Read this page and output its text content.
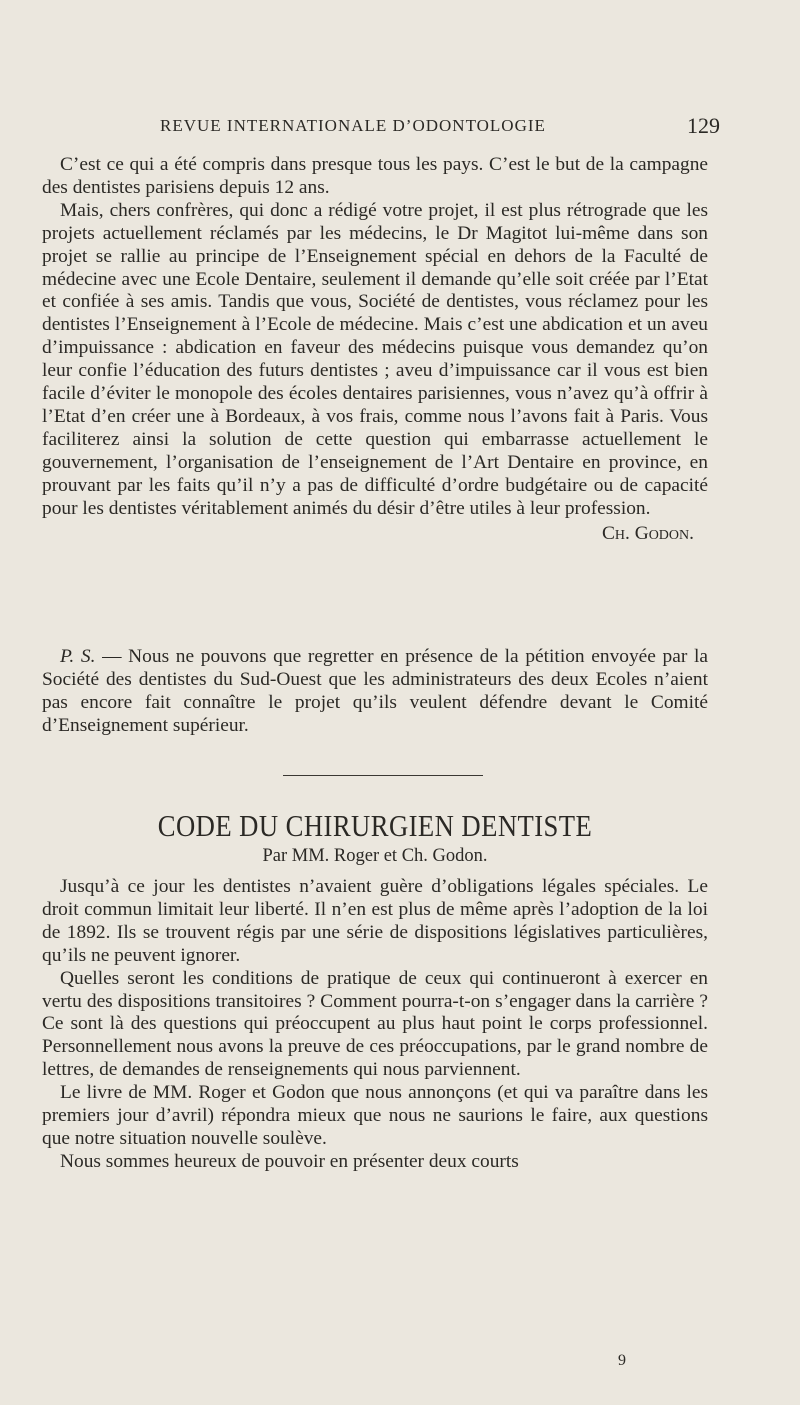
REVUE INTERNATIONALE D’ODONTOLOGIE	129

C’est ce qui a été compris dans presque tous les pays. C’est le but de la campagne des dentistes parisiens depuis 12 ans.

Mais, chers confrères, qui donc a rédigé votre projet, il est plus rétrograde que les projets actuellement réclamés par les médecins, le Dr Magitot lui-même dans son projet se rallie au principe de l’Enseignement spécial en dehors de la Faculté de médecine avec une Ecole Dentaire, seulement il demande qu’elle soit créée par l’Etat et confiée à ses amis. Tandis que vous, Société de dentistes, vous réclamez pour les dentistes l’Enseignement à l’Ecole de médecine. Mais c’est une abdication et un aveu d’impuissance : abdication en faveur des médecins puisque vous demandez qu’on leur confie l’éducation des futurs dentistes ; aveu d’impuissance car il vous est bien facile d’éviter le monopole des écoles dentaires parisiennes, vous n’avez qu’à offrir à l’Etat d’en créer une à Bordeaux, à vos frais, comme nous l’avons fait à Paris. Vous faciliterez ainsi la solution de cette question qui embarrasse actuellement le gouvernement, l’organisation de l’enseignement de l’Art Dentaire en province, en prouvant par les faits qu’il n’y a pas de difficulté d’ordre budgétaire ou de capacité pour les dentistes véritablement animés du désir d’être utiles à leur profession.

Ch. Godon.

P. S. — Nous ne pouvons que regretter en présence de la pétition envoyée par la Société des dentistes du Sud-Ouest que les administrateurs des deux Ecoles n’aient pas encore fait connaître le projet qu’ils veulent défendre devant le Comité d’Enseignement supérieur.

CODE DU CHIRURGIEN DENTISTE
Par MM. Roger et Ch. Godon.

Jusqu’à ce jour les dentistes n’avaient guère d’obligations légales spéciales. Le droit commun limitait leur liberté. Il n’en est plus de même après l’adoption de la loi de 1892. Ils se trouvent régis par une série de dispositions législatives particulières, qu’ils ne peuvent ignorer.

Quelles seront les conditions de pratique de ceux qui continueront à exercer en vertu des dispositions transitoires ? Comment pourra-t-on s’engager dans la carrière ? Ce sont là des questions qui préoccupent au plus haut point le corps professionnel. Personnellement nous avons la preuve de ces préoccupations, par le grand nombre de lettres, de demandes de renseignements qui nous parviennent.

Le livre de MM. Roger et Godon que nous annonçons (et qui va paraître dans les premiers jour d’avril) répondra mieux que nous ne saurions le faire, aux questions que notre situation nouvelle soulève.

Nous sommes heureux de pouvoir en présenter deux courts

9
